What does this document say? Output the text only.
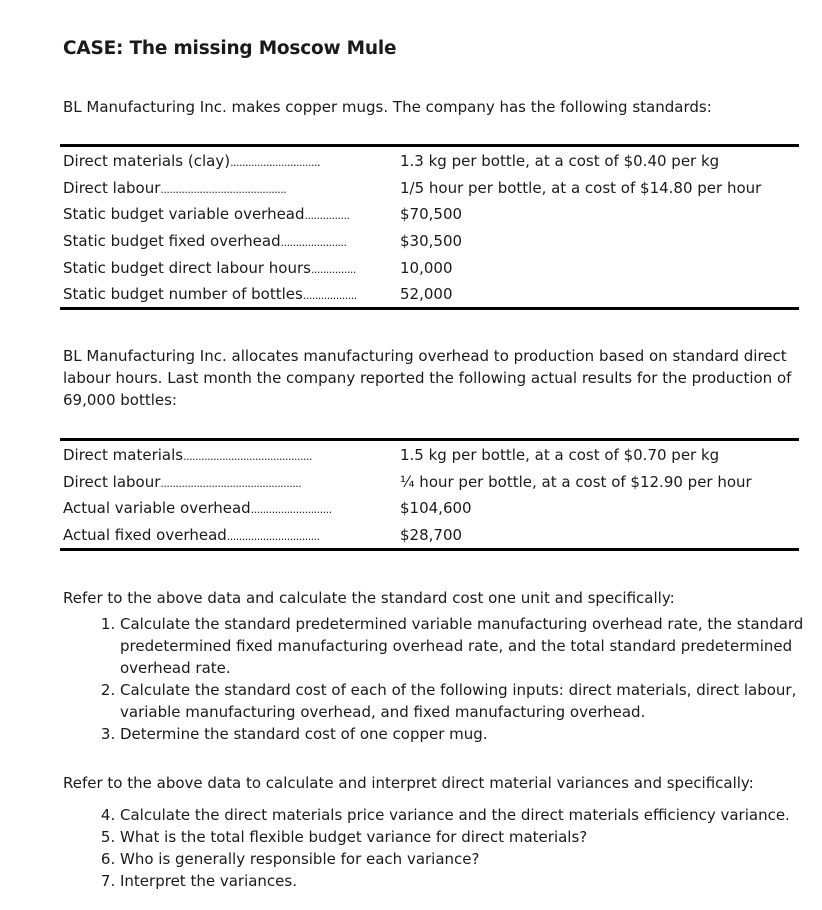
CASE: The missing Moscow Mule

BL Manufacturing Inc. makes copper mugs. The company has the following standards:

Direct materials (clay)..............................	1.3 kg per bottle, at a cost of $0.40 per kg
Direct labour..........................................	1/5 hour per bottle, at a cost of $14.80 per hour
Static budget variable overhead...............	$70,500
Static budget fixed overhead......................	$30,500
Static budget direct labour hours...............	10,000
Static budget number of bottles..................	52,000

BL Manufacturing Inc. allocates manufacturing overhead to production based on standard direct labour hours. Last month the company reported the following actual results for the production of 69,000 bottles:

Direct materials...........................................	1.5 kg per bottle, at a cost of $0.70 per kg
Direct labour...............................................	¼ hour per bottle, at a cost of $12.90 per hour
Actual variable overhead...........................	$104,600
Actual fixed overhead...............................	$28,700

Refer to the above data and calculate the standard cost one unit and specifically:

1. Calculate the standard predetermined variable manufacturing overhead rate, the standard predetermined fixed manufacturing overhead rate, and the total standard predetermined overhead rate.
2. Calculate the standard cost of each of the following inputs: direct materials, direct labour, variable manufacturing overhead, and fixed manufacturing overhead.
3. Determine the standard cost of one copper mug.

Refer to the above data to calculate and interpret direct material variances and specifically:

4. Calculate the direct materials price variance and the direct materials efficiency variance.
5. What is the total flexible budget variance for direct materials?
6. Who is generally responsible for each variance?
7. Interpret the variances.
